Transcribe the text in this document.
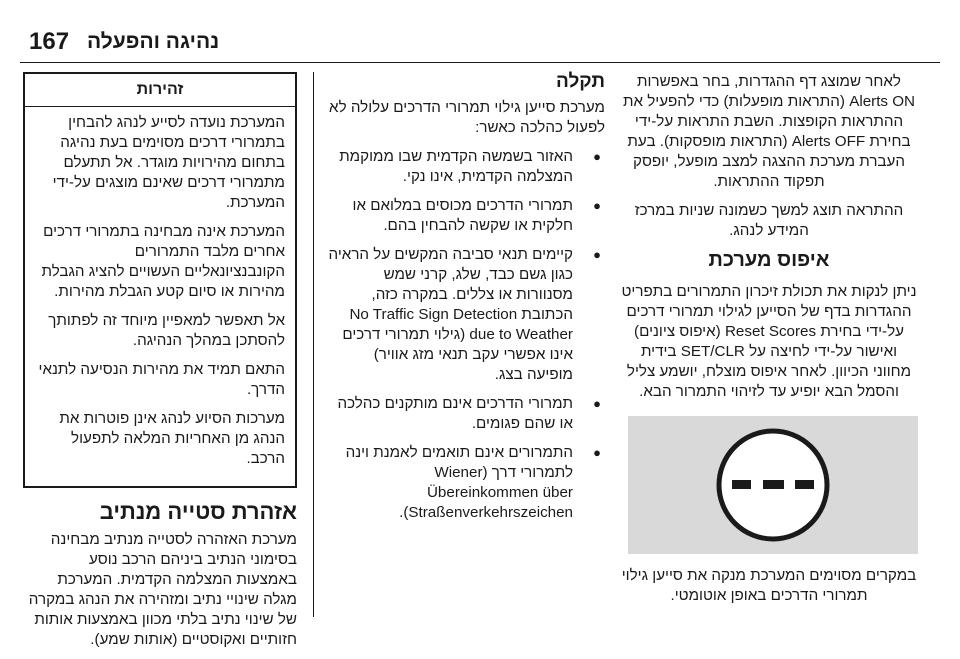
167 נהיגה והפעלה

לאחר שמוצג דף ההגדרות, בחר באפשרות Alerts ON (התראות מופעלות) כדי להפעיל את ההתראות הקופצות. השבת התראות על-ידי בחירת Alerts OFF (התראות מופסקות). בעת העברת מערכת ההצגה למצב מופעל, יופסק תפקוד ההתראות.

ההתראה תוצג למשך כשמונה שניות במרכז המידע לנהג.

איפוס מערכת

ניתן לנקות את תכולת זיכרון התמרורים בתפריט ההגדרות בדף של הסייען לגילוי תמרורי דרכים על-ידי בחירת Reset Scores (איפוס ציונים) ואישור על-ידי לחיצה על SET/CLR בידית מחווני הכיוון. לאחר איפוס מוצלח, יושמע צליל והסמל הבא יופיע עד לזיהוי התמרור הבא.

במקרים מסוימים המערכת מנקה את סייען גילוי תמרורי הדרכים באופן אוטומטי.

תקלה

מערכת סייען גילוי תמרורי הדרכים עלולה לא לפעול כהלכה כאשר:

● האזור בשמשה הקדמית שבו ממוקמת המצלמה הקדמית, אינו נקי.
● תמרורי הדרכים מכוסים במלואם או חלקית או שקשה להבחין בהם.
● קיימים תנאי סביבה המקשים על הראיה כגון גשם כבד, שלג, קרני שמש מסנוורות או צללים. במקרה כזה, הכתובת No Traffic Sign Detection due to Weather (גילוי תמרורי דרכים אינו אפשרי עקב תנאי מזג אוויר) מופיעה בצג.
● תמרורי הדרכים אינם מותקנים כהלכה או שהם פגומים.
● התמרורים אינם תואמים לאמנת וינה לתמרורי דרך (Wiener Übereinkommen über Straßenverkehrszeichen).
זהירות

המערכת נועדה לסייע לנהג להבחין בתמרורי דרכים מסוימים בעת נהיגה בתחום מהירויות מוגדר. אל תתעלם מתמרורי דרכים שאינם מוצגים על-ידי המערכת.

המערכת אינה מבחינה בתמרורי דרכים אחרים מלבד התמרורים הקונבנציונאליים העשויים להציג הגבלת מהירות או סיום קטע הגבלת מהירות.

אל תאפשר למאפיין מיוחד זה לפתותך להסתכן במהלך הנהיגה.

התאם תמיד את מהירות הנסיעה לתנאי הדרך.

מערכות הסיוע לנהג אינן פוטרות את הנהג מן האחריות המלאה לתפעול הרכב.

אזהרת סטייה מנתיב

מערכת האזהרה לסטייה מנתיב מבחינה בסימוני הנתיב ביניהם הרכב נוסע באמצעות המצלמה הקדמית. המערכת מגלה שינויי נתיב ומזהירה את הנהג במקרה של שינוי נתיב בלתי מכוון באמצעות אותות חזותיים ואקוסטיים (אותות שמע).
